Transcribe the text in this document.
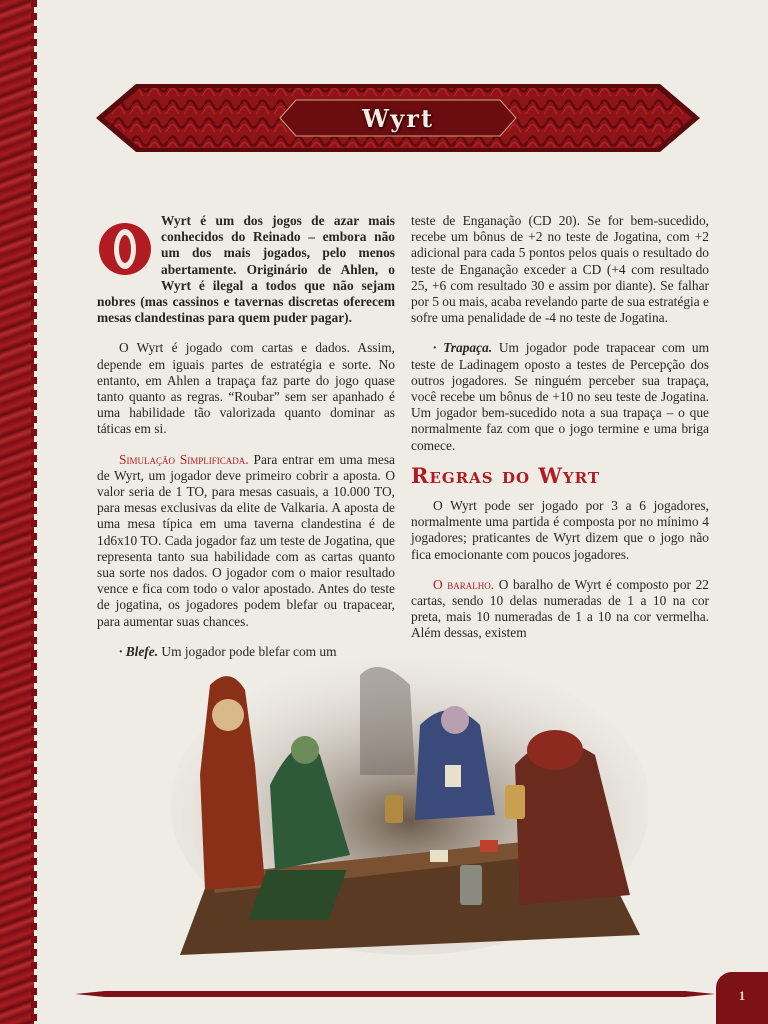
Wyrt

Wyrt é um dos jogos de azar mais conhecidos do Reinado – embora não um dos mais jogados, pelo menos abertamente. Originário de Ahlen, o Wyrt é ilegal a todos que não sejam nobres (mas cassinos e tavernas discretas oferecem mesas clandestinas para quem puder pagar).

O Wyrt é jogado com cartas e dados. Assim, depende em iguais partes de estratégia e sorte. No entanto, em Ahlen a trapaça faz parte do jogo quase tanto quanto as regras. “Roubar” sem ser apanhado é uma habilidade tão valorizada quanto dominar as táticas em si.

Simulação Simplificada. Para entrar em uma mesa de Wyrt, um jogador deve primeiro cobrir a aposta. O valor seria de 1 TO, para mesas casuais, a 10.000 TO, para mesas exclusivas da elite de Valkaria. A aposta de uma mesa típica em uma taverna clandestina é de 1d6x10 TO. Cada jogador faz um teste de Jogatina, que representa tanto sua habilidade com as cartas quanto sua sorte nos dados. O jogador com o maior resultado vence e fica com todo o valor apostado. Antes do teste de jogatina, os jogadores podem blefar ou trapacear, para aumentar suas chances.

· Blefe. Um jogador pode blefar com um

teste de Enganação (CD 20). Se for bem-sucedido, recebe um bônus de +2 no teste de Jogatina, com +2 adicional para cada 5 pontos pelos quais o resultado do teste de Enganação exceder a CD (+4 com resultado 25, +6 com resultado 30 e assim por diante). Se falhar por 5 ou mais, acaba revelando parte de sua estratégia e sofre uma penalidade de -4 no teste de Jogatina.

· Trapaça. Um jogador pode trapacear com um teste de Ladinagem oposto a testes de Percepção dos outros jogadores. Se ninguém perceber sua trapaça, você recebe um bônus de +10 no seu teste de Jogatina. Um jogador bem-sucedido nota a sua trapaça – o que normalmente faz com que o jogo termine e uma briga comece.

Regras do Wyrt

O Wyrt pode ser jogado por 3 a 6 jogadores, normalmente uma partida é composta por no mínimo 4 jogadores; praticantes de Wyrt dizem que o jogo não fica emocionante com poucos jogadores.

O baralho. O baralho de Wyrt é composto por 22 cartas, sendo 10 delas numeradas de 1 a 10 na cor preta, mais 10 numeradas de 1 a 10 na cor vermelha. Além dessas, existem

1
